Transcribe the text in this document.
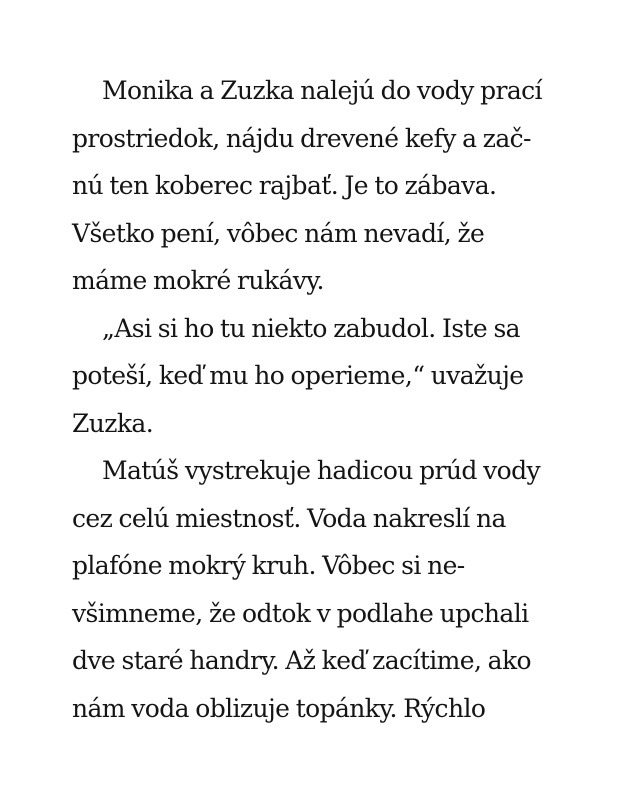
Monika a Zuzka nalejú do vody prací
prostriedok, nájdu drevené kefy a zač-
nú ten koberec rajbať. Je to zábava.
Všetko pení, vôbec nám nevadí, že
máme mokré rukávy.
„Asi si ho tu niekto zabudol. Iste sa
poteší, keď mu ho operieme,“ uvažuje
Zuzka.
Matúš vystrekuje hadicou prúd vody
cez celú miestnosť. Voda nakreslí na
plafóne mokrý kruh. Vôbec si ne-
všimneme, že odtok v podlahe upchali
dve staré handry. Až keď zacítime, ako
nám voda oblizuje topánky. Rýchlo
